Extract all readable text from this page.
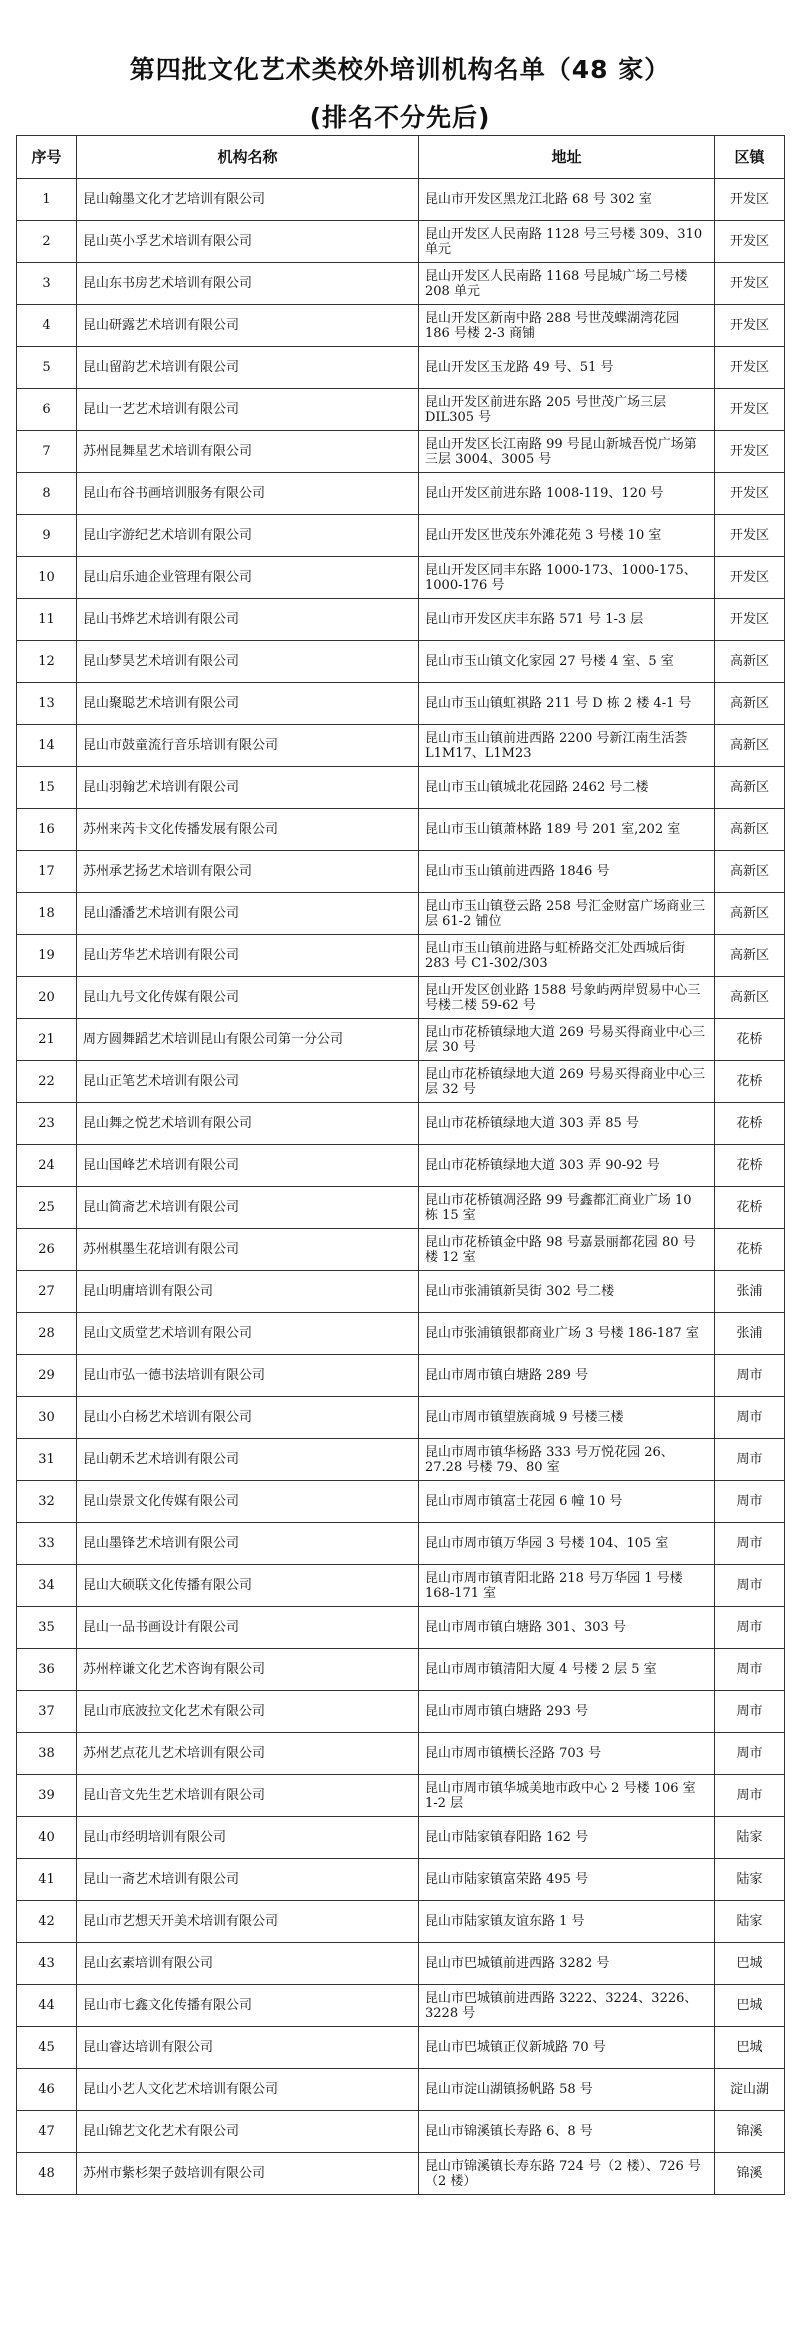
第四批文化艺术类校外培训机构名单（48 家）
(排名不分先后)
序号	机构名称	地址	区镇
1	昆山翰墨文化才艺培训有限公司	昆山市开发区黑龙江北路 68 号 302 室	开发区
2	昆山英小孚艺术培训有限公司	昆山开发区人民南路 1128 号三号楼 309、310 单元	开发区
3	昆山东书房艺术培训有限公司	昆山开发区人民南路 1168 号昆城广场二号楼 208 单元	开发区
4	昆山研露艺术培训有限公司	昆山开发区新南中路 288 号世茂蝶湖湾花园 186 号楼 2-3 商铺	开发区
5	昆山留韵艺术培训有限公司	昆山开发区玉龙路 49 号、51 号	开发区
6	昆山一艺艺术培训有限公司	昆山开发区前进东路 205 号世茂广场三层 DIL305 号	开发区
7	苏州昆舞星艺术培训有限公司	昆山开发区长江南路 99 号昆山新城吾悦广场第三层 3004、3005 号	开发区
8	昆山布谷书画培训服务有限公司	昆山开发区前进东路 1008-119、120 号	开发区
9	昆山字游纪艺术培训有限公司	昆山开发区世茂东外滩花苑 3 号楼 10 室	开发区
10	昆山启乐迪企业管理有限公司	昆山开发区同丰东路 1000-173、1000-175、1000-176 号	开发区
11	昆山书烨艺术培训有限公司	昆山市开发区庆丰东路 571 号 1-3 层	开发区
12	昆山梦昊艺术培训有限公司	昆山市玉山镇文化家园 27 号楼 4 室、5 室	高新区
13	昆山聚聪艺术培训有限公司	昆山市玉山镇虹祺路 211 号 D 栋 2 楼 4-1 号	高新区
14	昆山市鼓童流行音乐培训有限公司	昆山市玉山镇前进西路 2200 号新江南生活荟 L1M17、L1M23	高新区
15	昆山羽翰艺术培训有限公司	昆山市玉山镇城北花园路 2462 号二楼	高新区
16	苏州来芮卡文化传播发展有限公司	昆山市玉山镇萧林路 189 号 201 室,202 室	高新区
17	苏州承艺扬艺术培训有限公司	昆山市玉山镇前进西路 1846 号	高新区
18	昆山潘潘艺术培训有限公司	昆山市玉山镇登云路 258 号汇金财富广场商业三层 61-2 铺位	高新区
19	昆山芳华艺术培训有限公司	昆山市玉山镇前进路与虹桥路交汇处西城后街 283 号 C1-302/303	高新区
20	昆山九号文化传媒有限公司	昆山开发区创业路 1588 号象屿两岸贸易中心三号楼二楼 59-62 号	高新区
21	周方圆舞蹈艺术培训昆山有限公司第一分公司	昆山市花桥镇绿地大道 269 号易买得商业中心三层 30 号	花桥
22	昆山正笔艺术培训有限公司	昆山市花桥镇绿地大道 269 号易买得商业中心三层 32 号	花桥
23	昆山舞之悦艺术培训有限公司	昆山市花桥镇绿地大道 303 弄 85 号	花桥
24	昆山国峰艺术培训有限公司	昆山市花桥镇绿地大道 303 弄 90-92 号	花桥
25	昆山简斋艺术培训有限公司	昆山市花桥镇凋泾路 99 号鑫都汇商业广场 10 栋 15 室	花桥
26	苏州棋墨生花培训有限公司	昆山市花桥镇金中路 98 号嘉景丽都花园 80 号楼 12 室	花桥
27	昆山明庸培训有限公司	昆山市张浦镇新吴街 302 号二楼	张浦
28	昆山文质堂艺术培训有限公司	昆山市张浦镇银都商业广场 3 号楼 186-187 室	张浦
29	昆山市弘一德书法培训有限公司	昆山市周市镇白塘路 289 号	周市
30	昆山小白杨艺术培训有限公司	昆山市周市镇望族商城 9 号楼三楼	周市
31	昆山朝禾艺术培训有限公司	昆山市周市镇华杨路 333 号万悦花园 26、27.28 号楼 79、80 室	周市
32	昆山崇景文化传媒有限公司	昆山市周市镇富士花园 6 幢 10 号	周市
33	昆山墨锋艺术培训有限公司	昆山市周市镇万华园 3 号楼 104、105 室	周市
34	昆山大硕联文化传播有限公司	昆山市周市镇青阳北路 218 号万华园 1 号楼 168-171 室	周市
35	昆山一品书画设计有限公司	昆山市周市镇白塘路 301、303 号	周市
36	苏州梓谦文化艺术咨询有限公司	昆山市周市镇清阳大厦 4 号楼 2 层 5 室	周市
37	昆山市底波拉文化艺术有限公司	昆山市周市镇白塘路 293 号	周市
38	苏州艺点花儿艺术培训有限公司	昆山市周市镇横长泾路 703 号	周市
39	昆山音文先生艺术培训有限公司	昆山市周市镇华城美地市政中心 2 号楼 106 室 1-2 层	周市
40	昆山市经明培训有限公司	昆山市陆家镇春阳路 162 号	陆家
41	昆山一斋艺术培训有限公司	昆山市陆家镇富荣路 495 号	陆家
42	昆山市艺想天开美术培训有限公司	昆山市陆家镇友谊东路 1 号	陆家
43	昆山玄素培训有限公司	昆山市巴城镇前进西路 3282 号	巴城
44	昆山市七鑫文化传播有限公司	昆山市巴城镇前进西路 3222、3224、3226、3228 号	巴城
45	昆山睿达培训有限公司	昆山市巴城镇正仪新城路 70 号	巴城
46	昆山小艺人文化艺术培训有限公司	昆山市淀山湖镇扬帆路 58 号	淀山湖
47	昆山锦艺文化艺术有限公司	昆山市锦溪镇长寿路 6、8 号	锦溪
48	苏州市紫杉架子鼓培训有限公司	昆山市锦溪镇长寿东路 724 号（2 楼）、726 号（2 楼）	锦溪
